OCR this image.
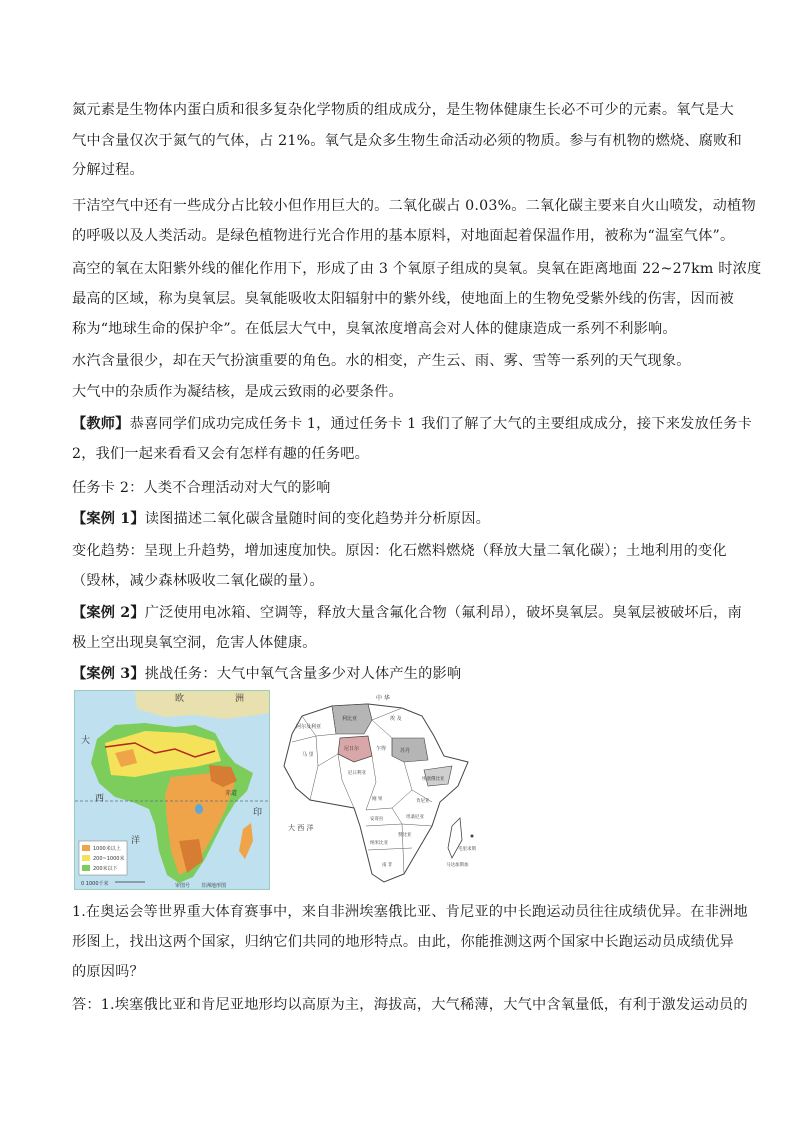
氮元素是生物体内蛋白质和很多复杂化学物质的组成成分，是生物体健康生长必不可少的元素。氧气是大
气中含量仅次于氮气的气体，占 21%。氧气是众多生物生命活动必须的物质。参与有机物的燃烧、腐败和
分解过程。
干洁空气中还有一些成分占比较小但作用巨大的。二氧化碳占 0.03%。二氧化碳主要来自火山喷发，动植物
的呼吸以及人类活动。是绿色植物进行光合作用的基本原料，对地面起着保温作用，被称为“温室气体”。
高空的氧在太阳紫外线的催化作用下，形成了由 3 个氧原子组成的臭氧。臭氧在距离地面 22~27km 时浓度
最高的区域，称为臭氧层。臭氧能吸收太阳辐射中的紫外线，使地面上的生物免受紫外线的伤害，因而被
称为“地球生命的保护伞”。在低层大气中，臭氧浓度增高会对人体的健康造成一系列不利影响。
水汽含量很少，却在天气扮演重要的角色。水的相变，产生云、雨、雾、雪等一系列的天气现象。
大气中的杂质作为凝结核，是成云致雨的必要条件。
【教师】恭喜同学们成功完成任务卡 1，通过任务卡 1 我们了解了大气的主要组成成分，接下来发放任务卡
2，我们一起来看看又会有怎样有趣的任务吧。
任务卡 2：人类不合理活动对大气的影响
【案例 1】读图描述二氧化碳含量随时间的变化趋势并分析原因。
变化趋势：呈现上升趋势，增加速度加快。原因：化石燃料燃烧（释放大量二氧化碳）；土地利用的变化
（毁林，减少森林吸收二氧化碳的量）。
【案例 2】广泛使用电冰箱、空调等，释放大量含氟化合物（氟利昂），破坏臭氧层。臭氧层被破坏后，南
极上空出现臭氧空洞，危害人体健康。
【案例 3】挑战任务：大气中氧气含量多少对人体产生的影响
欧	洲
大
西
洋
赤道
印
1000米以上
200~1000米
200米以下
0 1000千米	审图号 非洲地形图
中 华
埃 及
利比亚
阿尔及利亚
尼日尔	乍得	苏丹
马 里
尼日利亚
埃塞俄比亚
肯尼亚
刚 果
坦桑尼亚
安哥拉
赞比亚
纳米比亚
南 非
大 西 洋
马达加斯加
毛里求斯
1.在奥运会等世界重大体育赛事中，来自非洲埃塞俄比亚、肯尼亚的中长跑运动员往往成绩优异。在非洲地
形图上，找出这两个国家，归纳它们共同的地形特点。由此，你能推测这两个国家中长跑运动员成绩优异
的原因吗？
答：1.埃塞俄比亚和肯尼亚地形均以高原为主，海拔高，大气稀薄，大气中含氧量低，有利于激发运动员的
